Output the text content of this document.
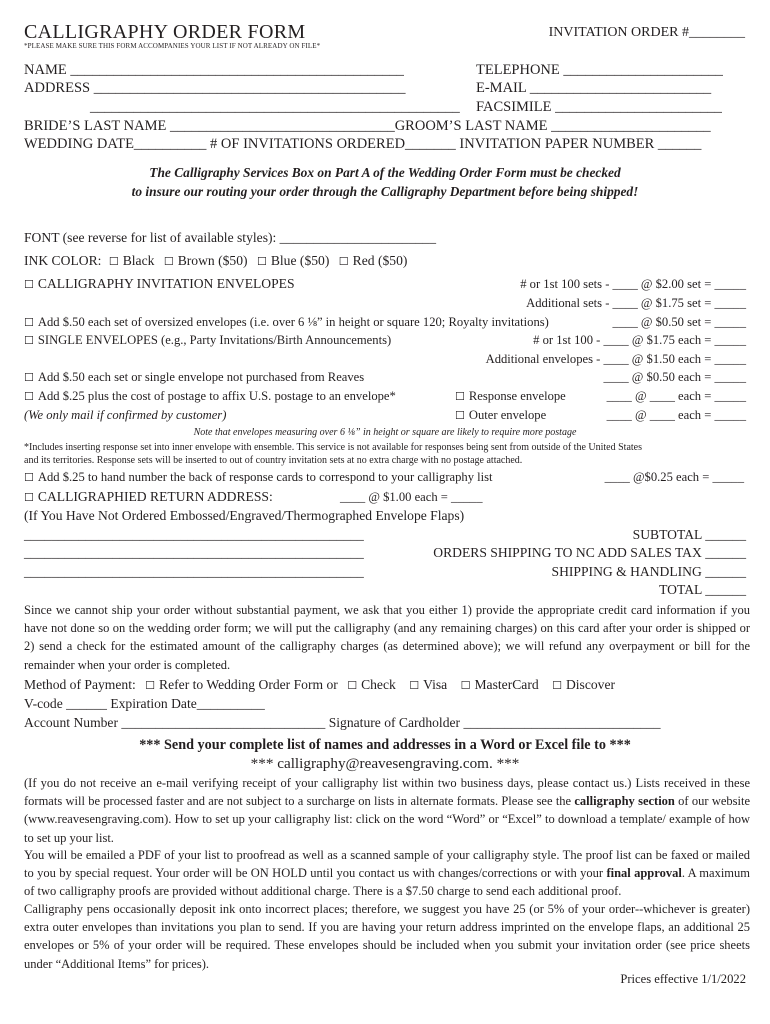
CALLIGRAPHY ORDER FORM	INVITATION ORDER #________
*PLEASE MAKE SURE THIS FORM ACCOMPANIES YOUR LIST IF NOT ALREADY ON FILE*
NAME ______________________________________________	TELEPHONE ______________________
ADDRESS ___________________________________________	E-MAIL _________________________
___________________________________________________ FACSIMILE _______________________
BRIDE’S LAST NAME _______________________________GROOM’S LAST NAME ______________________
WEDDING DATE__________ # OF INVITATIONS ORDERED_______ INVITATION PAPER NUMBER ______
The Calligraphy Services Box on Part A of the Wedding Order Form must be checked
to insure our routing your order through the Calligraphy Department before being shipped!
FONT (see reverse for list of available styles): _______________________
INK COLOR: ☐ Black ☐ Brown ($50) ☐ Blue ($50) ☐ Red ($50)
☐ CALLIGRAPHY INVITATION ENVELOPES	# or 1st 100 sets - ____ @ $2.00 set = _____
Additional sets - ____ @ $1.75 set = _____
☐ Add $.50 each set of oversized envelopes (i.e. over 6 ⅛” in height or square 120; Royalty invitations)	____ @ $0.50 set = _____
☐ SINGLE ENVELOPES (e.g., Party Invitations/Birth Announcements)	# or 1st 100 - ____ @ $1.75 each = _____
Additional envelopes - ____ @ $1.50 each = _____
☐ Add $.50 each set or single envelope not purchased from Reaves	____ @ $0.50 each = _____
☐ Add $.25 plus the cost of postage to affix U.S. postage to an envelope*	☐ Response envelope	____ @ ____ each = _____
(We only mail if confirmed by customer)	☐ Outer envelope	____ @ ____ each = _____
Note that envelopes measuring over 6 ⅛” in height or square are likely to require more postage
*Includes inserting response set into inner envelope with ensemble. This service is not available for responses being sent from outside of the United States
and its territories. Response sets will be inserted to out of country invitation sets at no extra charge with no postage attached.
☐ Add $.25 to hand number the back of response cards to correspond to your calligraphy list	____ @$0.25 each = _____
☐ CALLIGRAPHIED RETURN ADDRESS:	____ @ $1.00 each = _____
(If You Have Not Ordered Embossed/Engraved/Thermographed Envelope Flaps)
__________________________________________________	SUBTOTAL ______
__________________________________________________	ORDERS SHIPPING TO NC ADD SALES TAX ______
__________________________________________________	SHIPPING & HANDLING ______
TOTAL ______
Since we cannot ship your order without substantial payment, we ask that you either 1) provide the appropriate credit card information if you have not done so on the wedding order form; we will put the calligraphy (and any remaining charges) on this card after your order is shipped or 2) send a check for the estimated amount of the calligraphy charges (as determined above); we will refund any overpayment or bill for the remainder when your order is completed.
Method of Payment: ☐ Refer to Wedding Order Form or ☐ Check ☐ Visa ☐ MasterCard ☐ Discover
V-code ______ Expiration Date__________
Account Number ______________________________ Signature of Cardholder _____________________________
*** Send your complete list of names and addresses in a Word or Excel file to ***
*** calligraphy@reavesengraving.com. ***
(If you do not receive an e-mail verifying receipt of your calligraphy list within two business days, please contact us.) Lists received in these formats will be processed faster and are not subject to a surcharge on lists in alternate formats. Please see the calligraphy section of our website (www.reavesengraving.com). How to set up your calligraphy list: click on the word “Word” or “Excel” to download a template/ example of how to set up your list.
You will be emailed a PDF of your list to proofread as well as a scanned sample of your calligraphy style. The proof list can be faxed or mailed to you by special request. Your order will be ON HOLD until you contact us with changes/corrections or with your final approval. A maximum of two calligraphy proofs are provided without additional charge. There is a $7.50 charge to send each additional proof.
Calligraphy pens occasionally deposit ink onto incorrect places; therefore, we suggest you have 25 (or 5% of your order--whichever is greater) extra outer envelopes than invitations you plan to send. If you are having your return address imprinted on the envelope flaps, an additional 25 envelopes or 5% of your order will be required. These envelopes should be included when you submit your invitation order (see price sheets under “Additional Items” for prices).
Prices effective 1/1/2022
